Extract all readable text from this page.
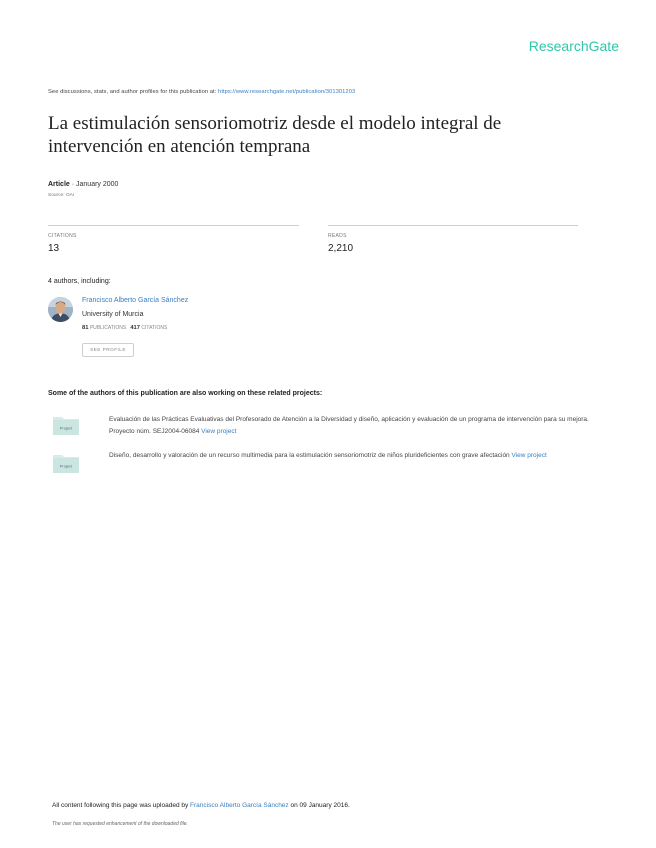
ResearchGate
See discussions, stats, and author profiles for this publication at: https://www.researchgate.net/publication/301301203
La estimulación sensoriomotriz desde el modelo integral de intervención en atención temprana
Article · January 2000
Source: OAI
CITATIONS
13
READS
2,210
4 authors, including:
Francisco Alberto García Sánchez
University of Murcia
81 PUBLICATIONS 417 CITATIONS
SEE PROFILE
Some of the authors of this publication are also working on these related projects:
Project
Evaluación de las Prácticas Evaluativas del Profesorado de Atención a la Diversidad y diseño, aplicación y evaluación de un programa de intervención para su mejora. Proyecto núm. SEJ2004-06084 View project
Project
Diseño, desarrollo y valoración de un recurso multimedia para la estimulación sensoriomotriz de niños plurideficientes con grave afectación View project
All content following this page was uploaded by Francisco Alberto García Sánchez on 09 January 2016.
The user has requested enhancement of the downloaded file.
